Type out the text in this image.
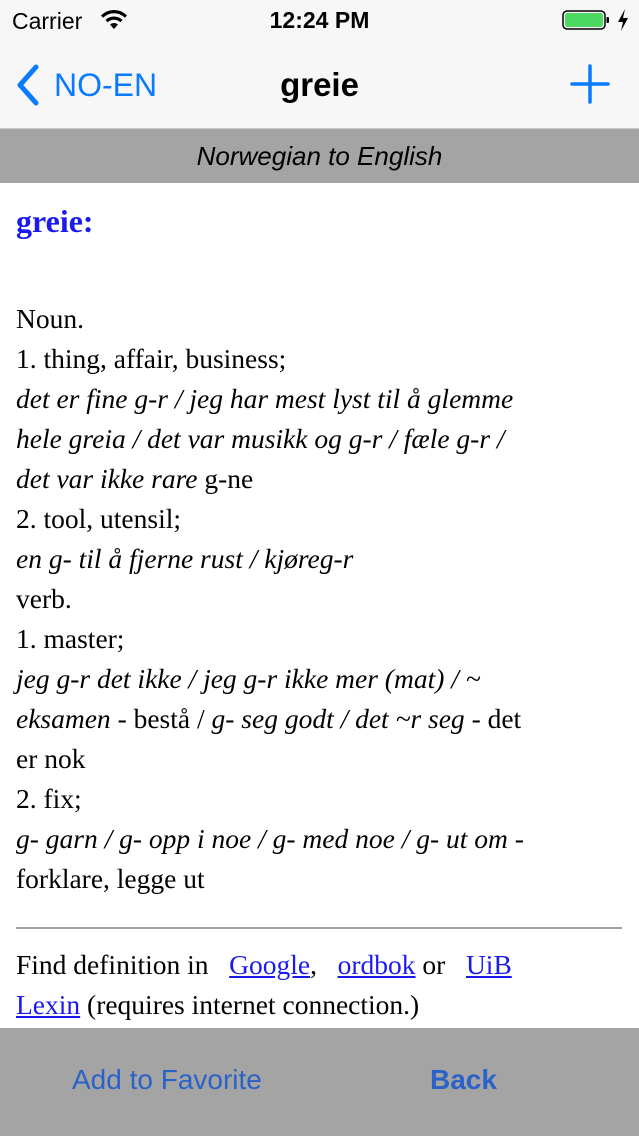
Carrier	12:24 PM
NO-EN	greie
Norwegian to English
greie:
Noun.
1. thing, affair, business;
det er fine g-r / jeg har mest lyst til å glemme
hele greia / det var musikk og g-r / fæle g-r /
det var ikke rare g-ne
2. tool, utensil;
en g- til å fjerne rust / kjøreg-r
verb.
1. master;
jeg g-r det ikke / jeg g-r ikke mer (mat) / ~
eksamen - bestå / g- seg godt / det ~r seg - det
er nok
2. fix;
g- garn / g- opp i noe / g- med noe / g- ut om -
forklare, legge ut
Find definition in   Google, ordbok or   UiB
Lexin (requires internet connection.)
Add to Favorite	Back
